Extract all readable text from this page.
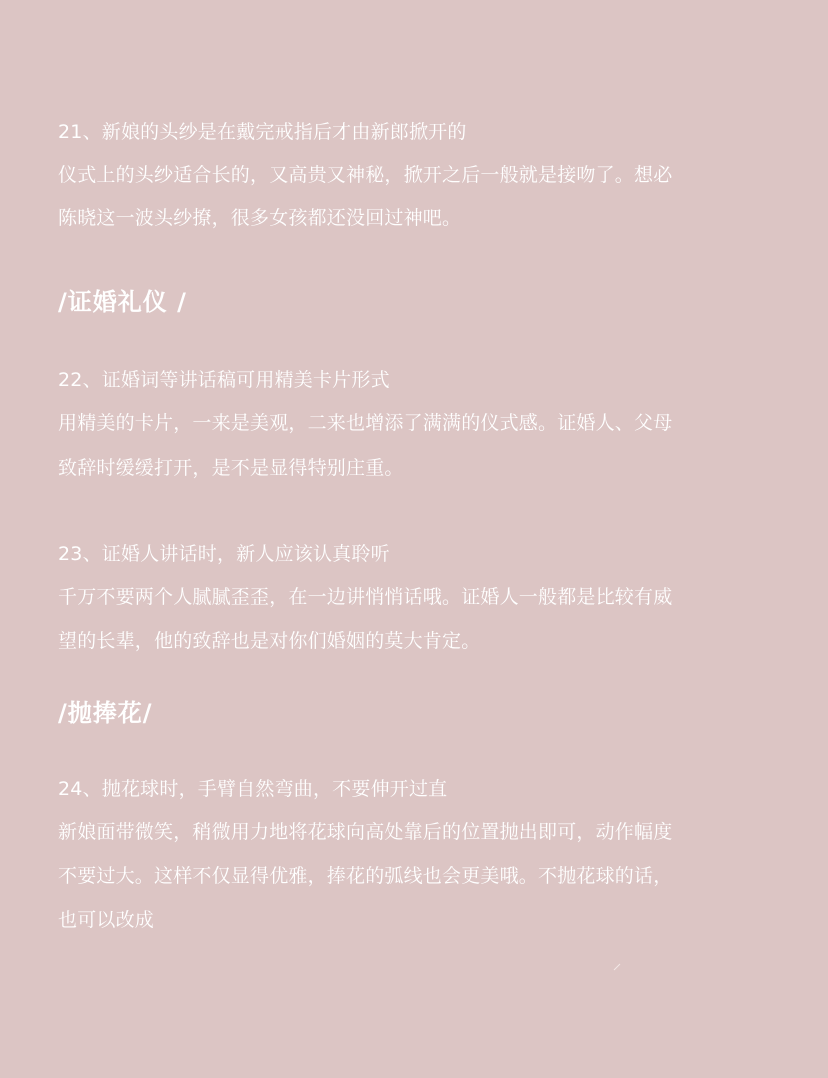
21、新娘的头纱是在戴完戒指后才由新郎掀开的
仪式上的头纱适合长的，又高贵又神秘，掀开之后一般就是接吻了。想必
陈晓这一波头纱撩，很多女孩都还没回过神吧。
/证婚礼仪 /
22、证婚词等讲话稿可用精美卡片形式
用精美的卡片，一来是美观，二来也增添了满满的仪式感。证婚人、父母
致辞时缓缓打开，是不是显得特别庄重。
23、证婚人讲话时，新人应该认真聆听
千万不要两个人腻腻歪歪，在一边讲悄悄话哦。证婚人一般都是比较有威
望的长辈，他的致辞也是对你们婚姻的莫大肯定。
/抛捧花/
24、抛花球时，手臂自然弯曲，不要伸开过直
新娘面带微笑，稍微用力地将花球向高处靠后的位置抛出即可，动作幅度
不要过大。这样不仅显得优雅，捧花的弧线也会更美哦。不抛花球的话，
也可以改成
